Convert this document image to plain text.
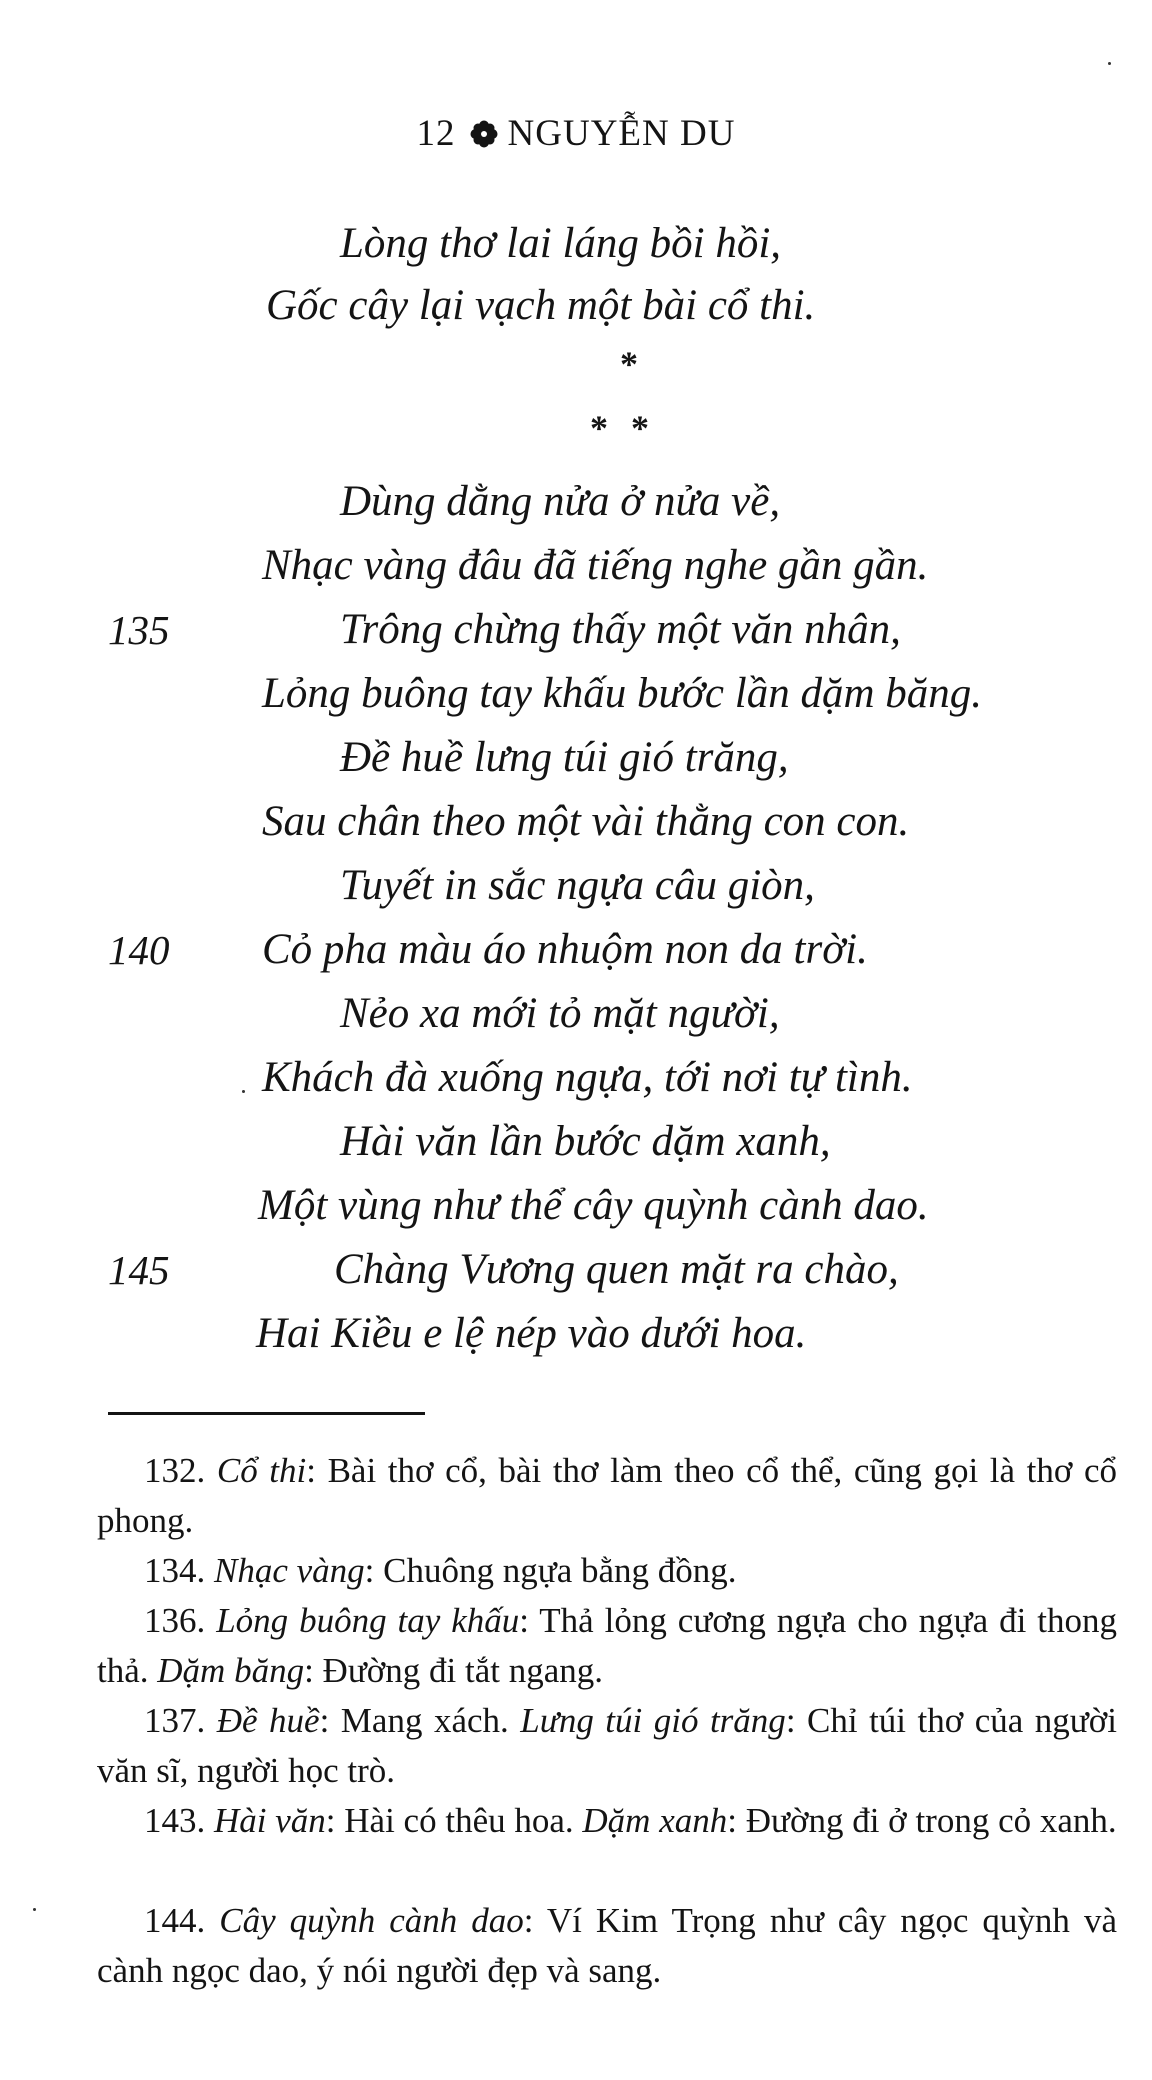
12 NGUYỄN DU
Lòng thơ lai láng bồi hồi,
Gốc cây lại vạch một bài cổ thi.
*
* *
Dùng dằng nửa ở nửa về,
Nhạc vàng đâu đã tiếng nghe gần gần.
Trông chừng thấy một văn nhân,
Lỏng buông tay khấu bước lần dặm băng.
Đề huề lưng túi gió trăng,
Sau chân theo một vài thằng con con.
Tuyết in sắc ngựa câu giòn,
Cỏ pha màu áo nhuộm non da trời.
Nẻo xa mới tỏ mặt người,
Khách đà xuống ngựa, tới nơi tự tình.
Hài văn lần bước dặm xanh,
Một vùng như thể cây quỳnh cành dao.
Chàng Vương quen mặt ra chào,
Hai Kiều e lệ nép vào dưới hoa.
135
140
145

132. Cổ thi: Bài thơ cổ, bài thơ làm theo cổ thể, cũng gọi là thơ cổ phong.

134. Nhạc vàng: Chuông ngựa bằng đồng.

136. Lỏng buông tay khấu: Thả lỏng cương ngựa cho ngựa đi thong thả. Dặm băng: Đường đi tắt ngang.

137. Đề huề: Mang xách. Lưng túi gió trăng: Chỉ túi thơ của người văn sĩ, người học trò.

143. Hài văn: Hài có thêu hoa. Dặm xanh: Đường đi ở trong cỏ xanh.

144. Cây quỳnh cành dao: Ví Kim Trọng như cây ngọc quỳnh và cành ngọc dao, ý nói người đẹp và sang.
